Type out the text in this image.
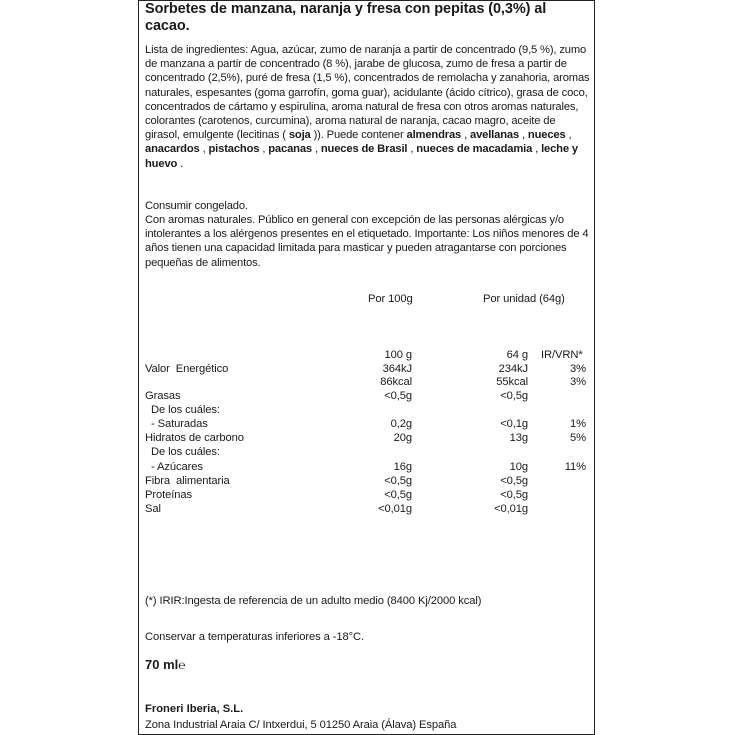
Sorbetes de manzana, naranja y fresa con pepitas (0,3%) al cacao.
Lista de ingredientes: Agua, azúcar, zumo de naranja a partir de concentrado (9,5 %), zumo de manzana a partir de concentrado (8 %), jarabe de glucosa, zumo de fresa a partir de concentrado (2,5%), puré de fresa (1,5 %), concentrados de remolacha y zanahoria, aromas naturales, espesantes (goma garrofín, goma guar), acidulante (ácido cítrico), grasa de coco, concentrados de cártamo y espirulina, aroma natural de fresa con otros aromas naturales, colorantes (carotenos, curcumina), aroma natural de naranja, cacao magro, aceite de girasol, emulgente (lecitinas ( soja )). Puede contener almendras , avellanas , nueces , anacardos , pistachos , pacanas , nueces de Brasil , nueces de macadamia , leche y huevo .
Consumir congelado.
Con aromas naturales. Público en general con excepción de las personas alérgicas y/o intolerantes a los alérgenos presentes en el etiquetado. Importante: Los niños menores de 4 años tienen una capacidad limitada para masticar y pueden atragantarse con porciones pequeñas de alimentos.
Por 100g	Por unidad (64g)
100 g	64 g IR/VRN*
Valor  Energético	364kJ	234kJ	3%
86kcal	55kcal	3%
Grasas	<0,5g	<0,5g
De los cuáles:
- Saturadas	0,2g	<0,1g	1%
Hidratos de carbono	20g	13g	5%
De los cuáles:
- Azúcares	16g	10g	11%
Fibra  alimentaria	<0,5g	<0,5g
Proteínas	<0,5g	<0,5g
Sal	<0,01g	<0,01g
(*) IRIR:Ingesta de referencia de un adulto medio (8400 Kj/2000 kcal)
Conservar a temperaturas inferiores a -18°C.
70 ml℮
Froneri Iberia, S.L.
Zona Industrial Araia C/ Intxerdui, 5 01250 Araia (Álava) España
